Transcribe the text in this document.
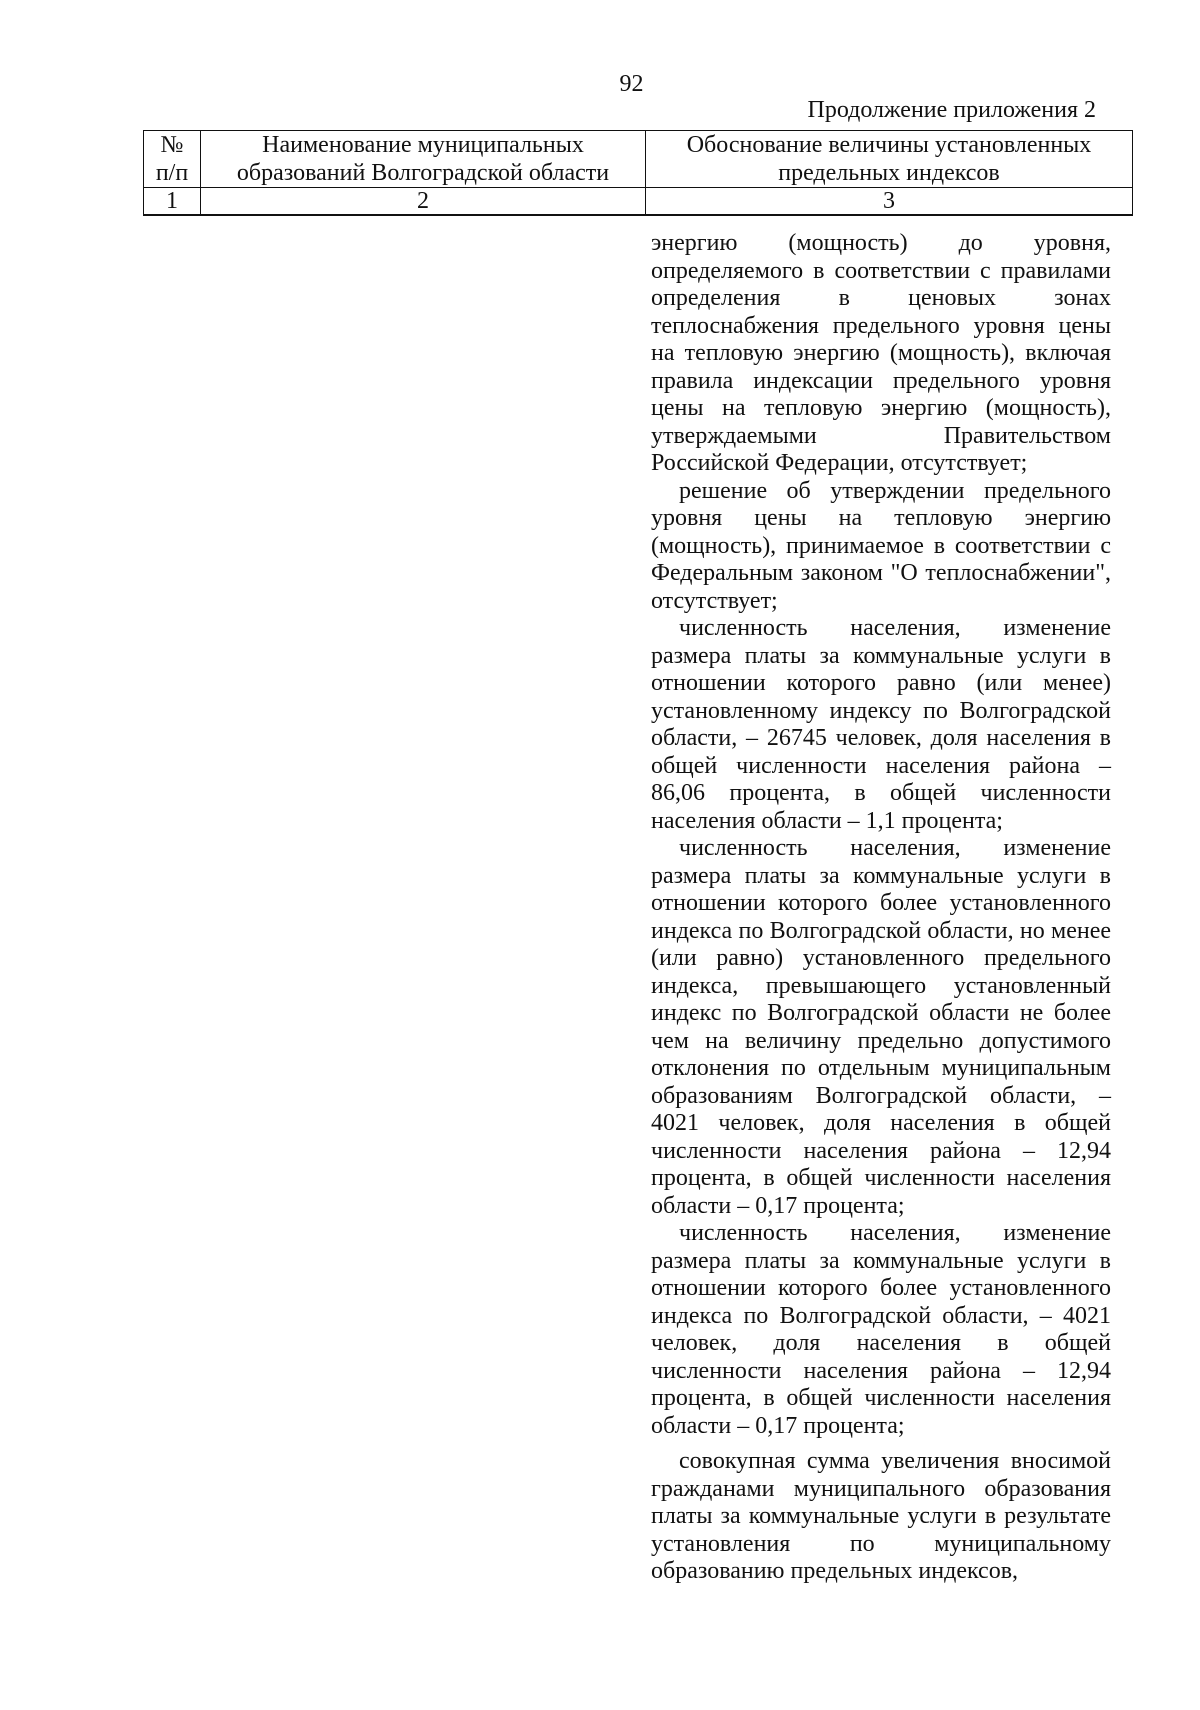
92
Продолжение приложения 2
№ п/п	Наименование муниципальных образований Волгоградской области	Обоснование величины установленных предельных индексов
1	2	3

энергию (мощность) до уровня, определяемого в соответствии с правилами определения в ценовых зонах теплоснабжения предельного уровня цены на тепловую энергию (мощность), включая правила индексации предельного уровня цены на тепловую энергию (мощность), утверждаемыми Правительством Российской Федерации, отсутствует;

решение об утверждении предельного уровня цены на тепловую энергию (мощность), принимаемое в соответствии с Федеральным законом "О теплоснабжении", отсутствует;

численность населения, изменение размера платы за коммунальные услуги в отношении которого равно (или менее) установленному индексу по Волгоградской области, – 26745 человек, доля населения в общей численности населения района – 86,06 процента, в общей численности населения области – 1,1 процента;

численность населения, изменение размера платы за коммунальные услуги в отношении которого более установленного индекса по Волгоградской области, но менее (или равно) установленного предельного индекса, превышающего установленный индекс по Волгоградской области не более чем на величину предельно допустимого отклонения по отдельным муниципальным образованиям Волгоградской области, – 4021 человек, доля населения в общей численности населения района – 12,94 процента, в общей численности населения области – 0,17 процента;

численность населения, изменение размера платы за коммунальные услуги в отношении которого более установленного индекса по Волгоградской области, – 4021 человек, доля населения в общей численности населения района – 12,94 процента, в общей численности населения области – 0,17 процента;

совокупная сумма увеличения вносимой гражданами муниципального образования платы за коммунальные услуги в результате установления по муниципальному образованию предельных индексов,
